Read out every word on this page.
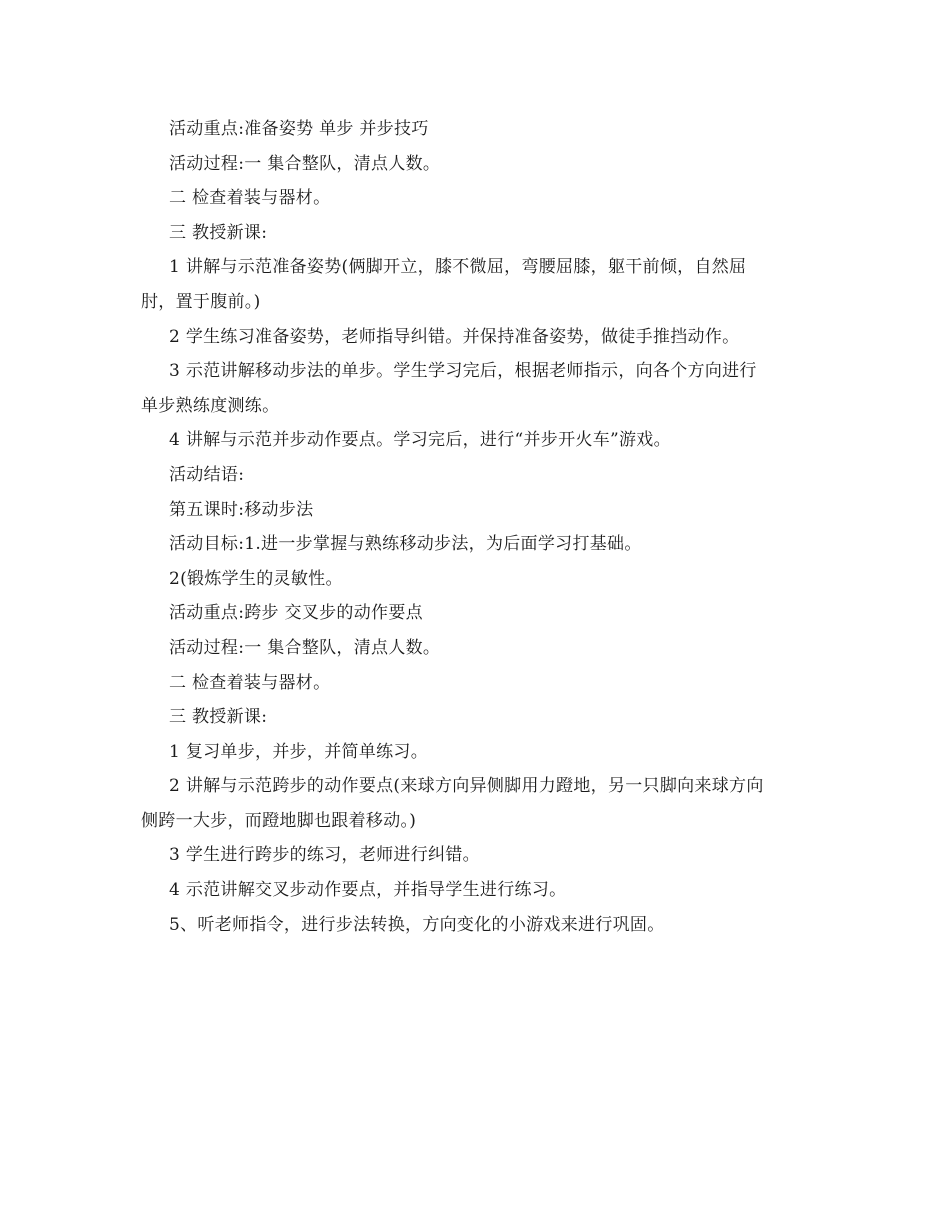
活动重点:准备姿势 单步 并步技巧
活动过程:一 集合整队，清点人数。
二 检查着装与器材。
三 教授新课:
1 讲解与示范准备姿势(俩脚开立，膝不微屈，弯腰屈膝，躯干前倾，自然屈
肘，置于腹前。)
2 学生练习准备姿势，老师指导纠错。并保持准备姿势，做徒手推挡动作。
3 示范讲解移动步法的单步。学生学习完后，根据老师指示，向各个方向进行
单步熟练度测练。
4 讲解与示范并步动作要点。学习完后，进行“并步开火车”游戏。
活动结语:
第五课时:移动步法
活动目标:1.进一步掌握与熟练移动步法，为后面学习打基础。
2(锻炼学生的灵敏性。
活动重点:跨步 交叉步的动作要点
活动过程:一 集合整队，清点人数。
二 检查着装与器材。
三 教授新课:
1 复习单步，并步，并简单练习。
2 讲解与示范跨步的动作要点(来球方向异侧脚用力蹬地，另一只脚向来球方向
侧跨一大步，而蹬地脚也跟着移动。)
3 学生进行跨步的练习，老师进行纠错。
4 示范讲解交叉步动作要点，并指导学生进行练习。
5、听老师指令，进行步法转换，方向变化的小游戏来进行巩固。
